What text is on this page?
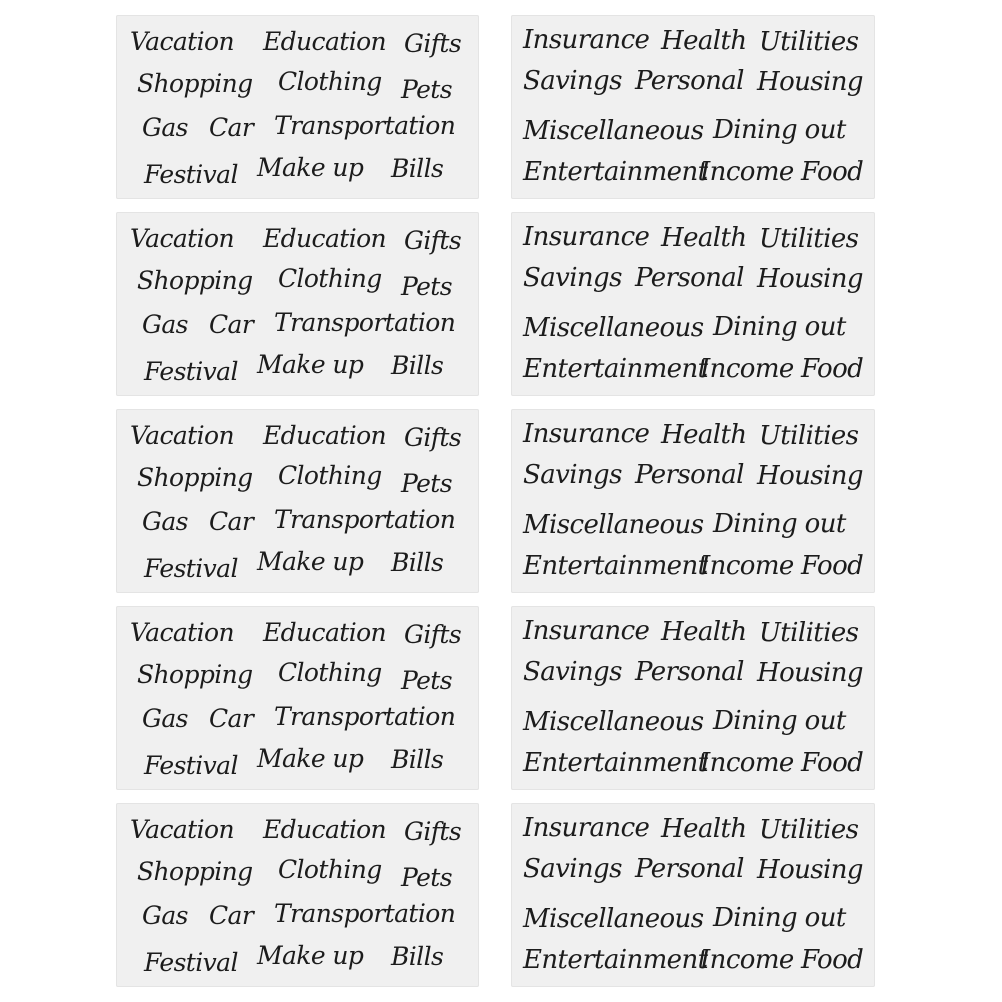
Vacation Education Gifts
Shopping Clothing Pets
Gas Car Transportation
Festival Make up Bills
Insurance Health Utilities
Savings Personal Housing
Miscellaneous Dining out
Entertainment
Income Food
Vacation Education Gifts
Shopping Clothing Pets
Gas Car Transportation
Festival Make up Bills
Insurance Health Utilities
Savings Personal Housing
Miscellaneous Dining out
Entertainment
Income Food
Vacation Education Gifts
Shopping Clothing Pets
Gas Car Transportation
Festival Make up Bills
Insurance Health Utilities
Savings Personal Housing
Miscellaneous Dining out
Entertainment
Income Food
Vacation Education Gifts
Shopping Clothing Pets
Gas Car Transportation
Festival Make up Bills
Insurance Health Utilities
Savings Personal Housing
Miscellaneous Dining out
Entertainment
Income Food
Vacation Education Gifts
Shopping Clothing Pets
Gas Car Transportation
Festival Make up Bills
Insurance Health Utilities
Savings Personal Housing
Miscellaneous Dining out
Entertainment
Income Food
